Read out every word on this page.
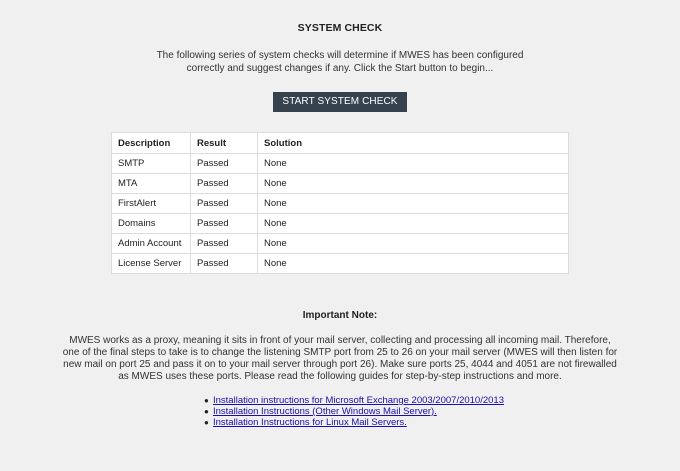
SYSTEM CHECK
The following series of system checks will determine if MWES has been configured correctly and suggest changes if any. Click the Start button to begin...
START SYSTEM CHECK
Description	Result	Solution
SMTP	Passed	None
MTA	Passed	None
FirstAlert	Passed	None
Domains	Passed	None
Admin Account	Passed	None
License Server	Passed	None
Important Note:
MWES works as a proxy, meaning it sits in front of your mail server, collecting and processing all incoming mail. Therefore, one of the final steps to take is to change the listening SMTP port from 25 to 26 on your mail server (MWES will then listen for new mail on port 25 and pass it on to your mail server through port 26). Make sure ports 25, 4044 and 4051 are not firewalled as MWES uses these ports. Please read the following guides for step-by-step instructions and more.
● Installation instructions for Microsoft Exchange 2003/2007/2010/2013
● Installation Instructions (Other Windows Mail Server).
● Installation Instructions for Linux Mail Servers.
